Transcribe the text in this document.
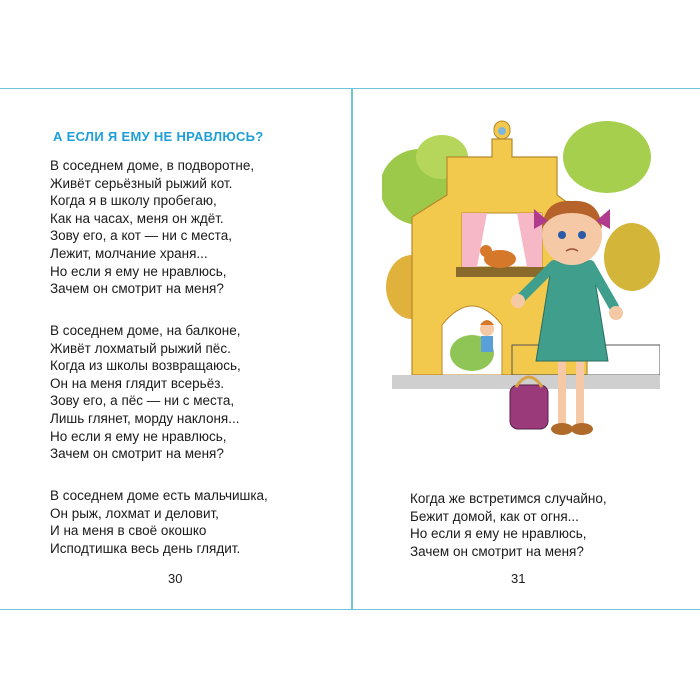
А ЕСЛИ Я ЕМУ НЕ НРАВЛЮСЬ?

В соседнем доме, в подворотне,
Живёт серьёзный рыжий кот.
Когда я в школу пробегаю,
Как на часах, меня он ждёт.
Зову его, а кот — ни с места,
Лежит, молчание храня...
Но если я ему не нравлюсь,
Зачем он смотрит на меня?

В соседнем доме, на балконе,
Живёт лохматый рыжий пёс.
Когда из школы возвращаюсь,
Он на меня глядит всерьёз.
Зову его, а пёс — ни с места,
Лишь глянет, морду наклоня...
Но если я ему не нравлюсь,
Зачем он смотрит на меня?

В соседнем доме есть мальчишка,
Он рыж, лохмат и деловит,
И на меня в своё окошко
Исподтишка весь день глядит.

30

Когда же встретимся случайно,
Бежит домой, как от огня...
Но если я ему не нравлюсь,
Зачем он смотрит на меня?

31
